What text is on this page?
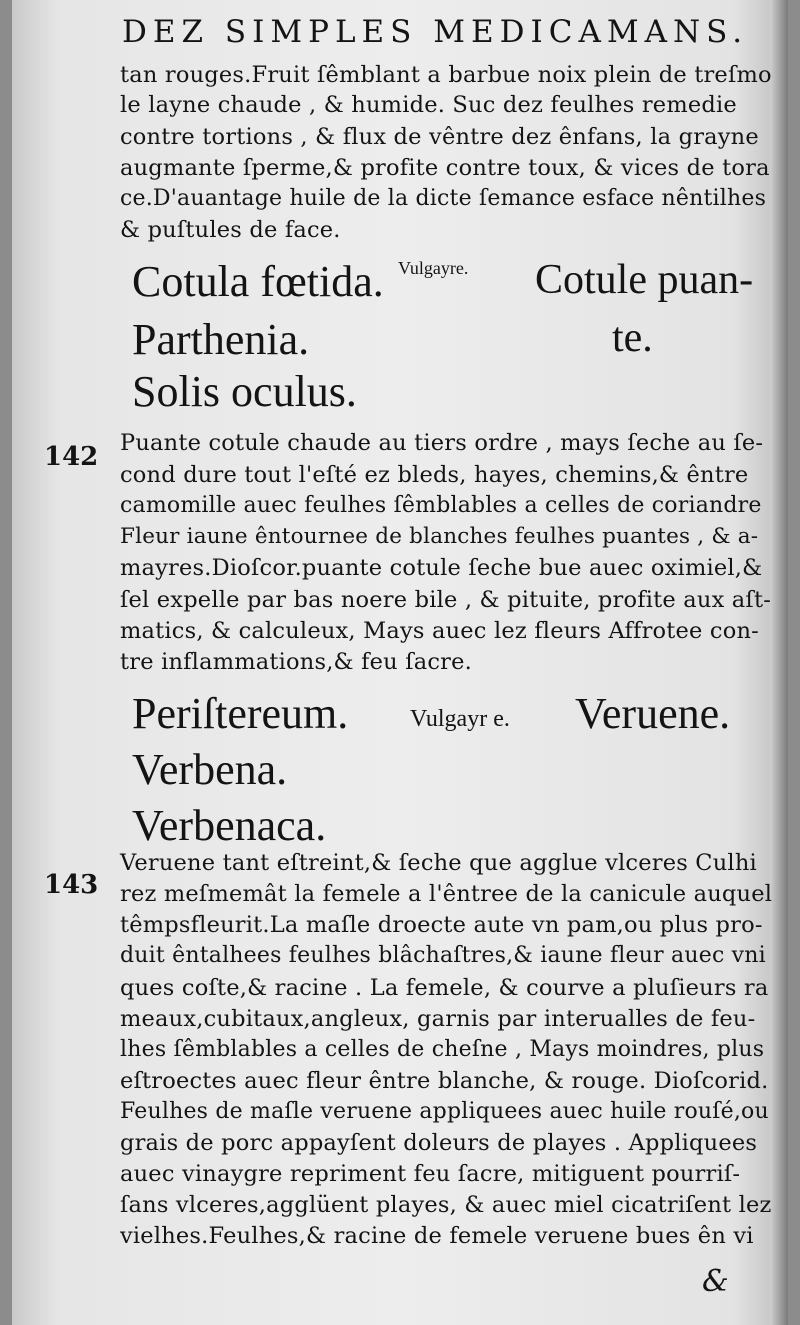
DEZ SIMPLES MEDICAMANS.
tan rouges.Fruit ſêmblant a barbue noix plein de treſmo
le layne chaude , & humide. Suc dez feulhes remedie
contre tortions , & flux de vêntre dez ênfans, la grayne
augmante ſperme,& profite contre toux, & vices de tora
ce.D'auantage huile de la dicte ſemance esface nêntilhes
& puſtules de face.
Cotula fœtida. Vulgayre. Cotule puan-
Parthenia.	te.
Solis oculus.
142 Puante cotule chaude au tiers ordre , mays ſeche au ſe-
cond dure tout l'eſté ez bleds, hayes, chemins,& êntre
camomille auec feulhes ſêmblables a celles de coriandre
Fleur iaune êntournee de blanches feulhes puantes , & a-
mayres.Dioſcor.puante cotule ſeche bue auec oximiel,&
ſel expelle par bas noere bile , & pituite, profite aux aſt-
matics, & calculeux, Mays auec lez fleurs Affrotee con-
tre inflammations,& feu ſacre.
Periſtereum.	Vulgayr e. Veruene.
Verbena.
Verbenaca.
143
Veruene tant eſtreint,& ſeche que agglue vlceres Culhi
rez meſmemât la femele a l'êntree de la canicule auquel
têmpsfleurit.La maſle droecte aute vn pam,ou plus pro-
duit êntalhees feulhes blâchaſtres,& iaune fleur auec vni
ques coſte,& racine . La femele, & courve a pluſieurs ra
meaux,cubitaux,angleux, garnis par interualles de feu-
lhes ſêmblables a celles de cheſne , Mays moindres, plus
eſtroectes auec fleur êntre blanche, & rouge. Dioſcorid.
Feulhes de maſle veruene appliquees auec huile rouſé,ou
grais de porc appayſent doleurs de playes . Appliquees
auec vinaygre repriment feu ſacre, mitiguent pourriſ-
ſans vlceres,agglüent playes, & auec miel cicatriſent lez
vielhes.Feulhes,& racine de femele veruene bues ên vi
&
